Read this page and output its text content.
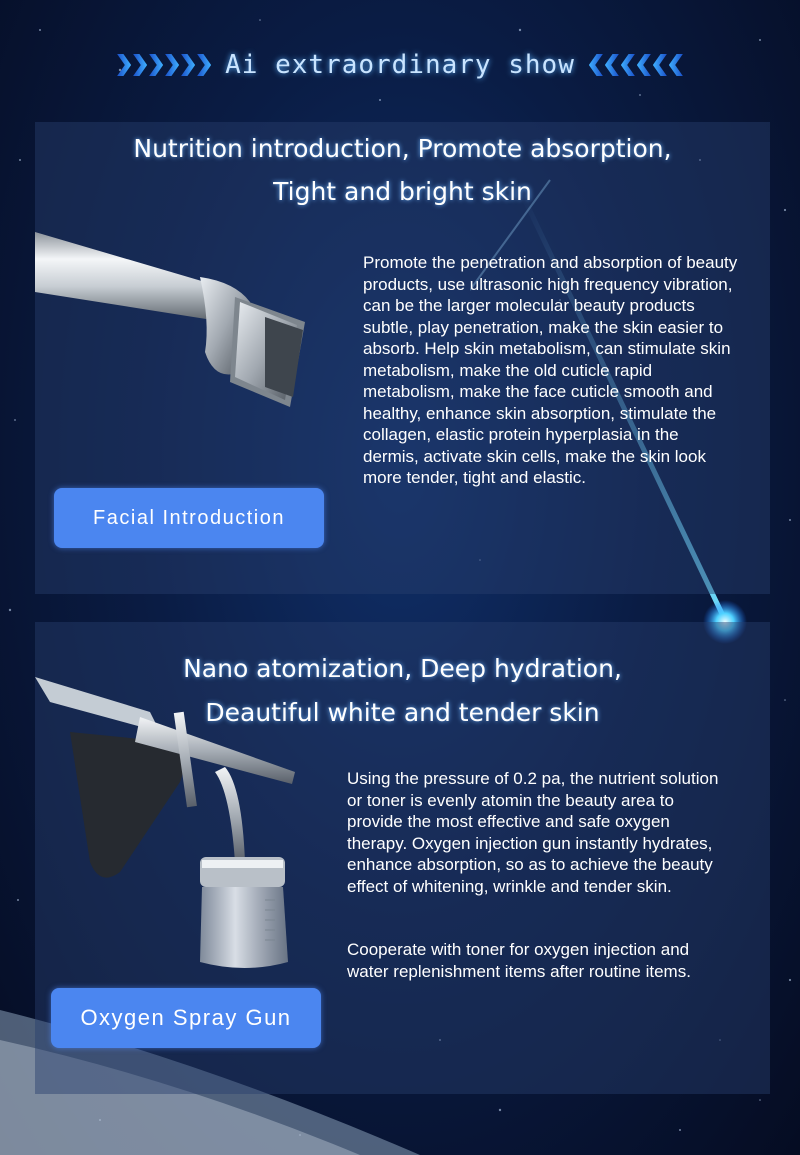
Ai extraordinary show
Nutrition introduction, Promote absorption,
Tight and bright skin
Promote the penetration and absorption of beauty products, use ultrasonic high frequency vibration, can be the larger molecular beauty products subtle, play penetration, make the skin easier to absorb. Help skin metabolism, can stimulate skin metabolism, make the old cuticle rapid metabolism, make the face cuticle smooth and healthy, enhance skin absorption, stimulate the collagen, elastic protein hyperplasia in the dermis, activate skin cells, make the skin look more tender, tight and elastic.
Facial Introduction
Nano atomization, Deep hydration,
Deautiful white and tender skin
Using the pressure of 0.2 pa, the nutrient solution or toner is evenly atomin the beauty area to provide the most effective and safe oxygen therapy. Oxygen injection gun instantly hydrates, enhance absorption, so as to achieve the beauty effect of whitening, wrinkle and tender skin.
Cooperate with toner for oxygen injection and water replenishment items after routine items.
Oxygen Spray Gun
